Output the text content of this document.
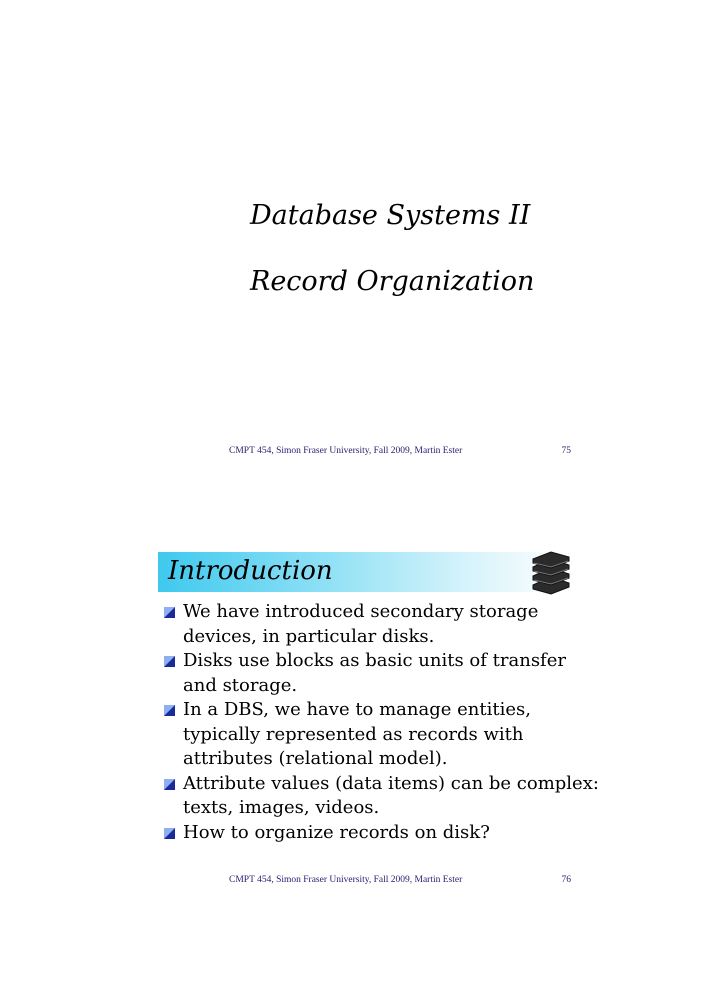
Database Systems II
Record Organization
CMPT 454, Simon Fraser University, Fall 2009, Martin Ester	75
Introduction
We have introduced secondary storage devices, in particular disks.
Disks use blocks as basic units of transfer and storage.
In a DBS, we have to manage entities, typically represented as records with attributes (relational model).
Attribute values (data items) can be complex: texts, images, videos.
How to organize records on disk?
CMPT 454, Simon Fraser University, Fall 2009, Martin Ester	76
